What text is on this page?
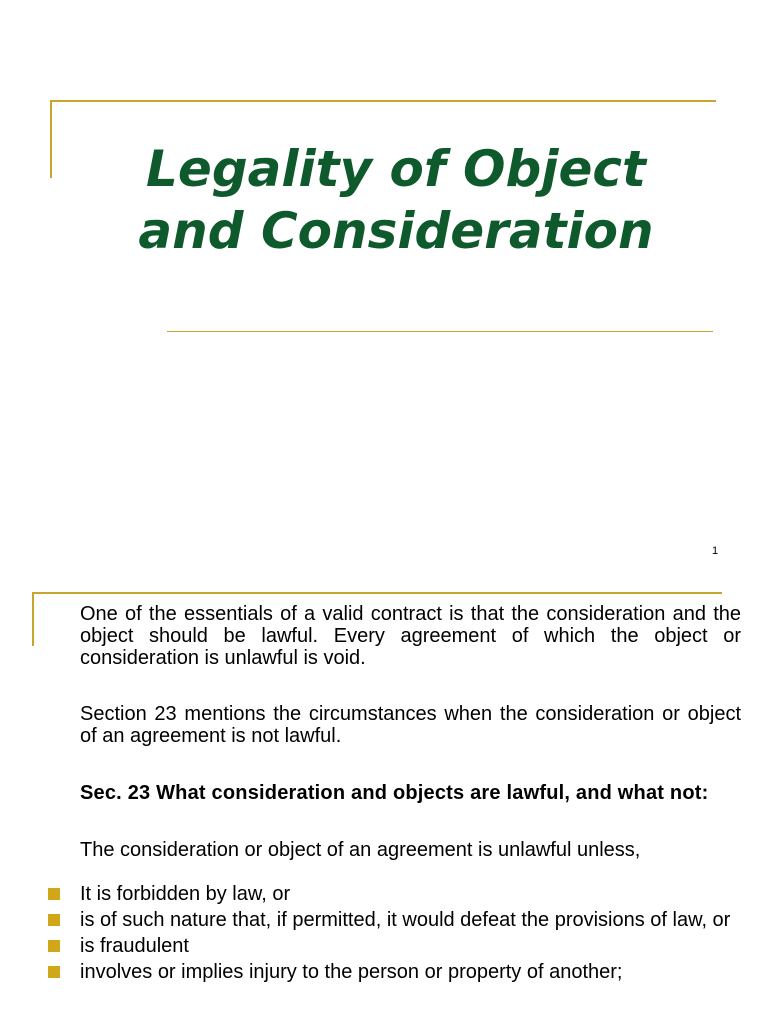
Legality of Object
and Consideration
1

One of the essentials of a valid contract is that the consideration and the object should be lawful. Every agreement of which the object or consideration is unlawful is void.

Section 23 mentions the circumstances when the consideration or object of an agreement is not lawful.

Sec. 23 What consideration and objects are lawful, and what not:

The consideration or object of an agreement is unlawful unless,

It is forbidden by law, or
is of such nature that, if permitted, it would defeat the provisions of law, or
is fraudulent
involves or implies injury to the person or property of another;
